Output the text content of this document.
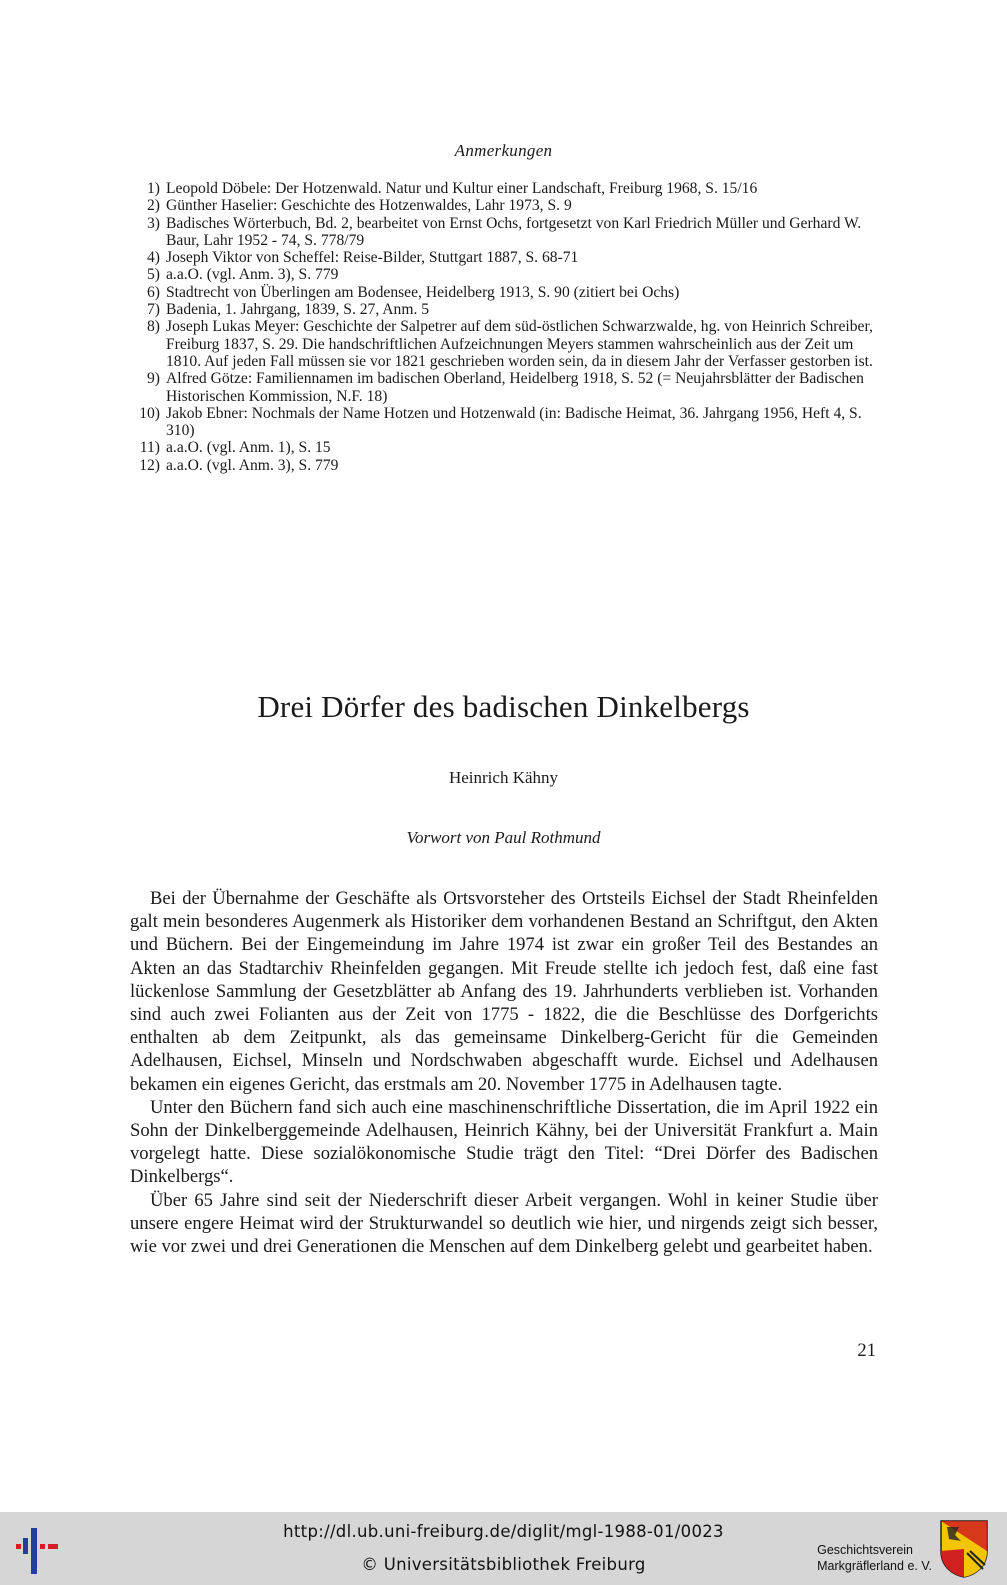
Anmerkungen
1) Leopold Döbele: Der Hotzenwald. Natur und Kultur einer Landschaft, Freiburg 1968, S. 15/16
2) Günther Haselier: Geschichte des Hotzenwaldes, Lahr 1973, S. 9
3) Badisches Wörterbuch, Bd. 2, bearbeitet von Ernst Ochs, fortgesetzt von Karl Friedrich Müller und Gerhard W. Baur, Lahr 1952 - 74, S. 778/79
4) Joseph Viktor von Scheffel: Reise-Bilder, Stuttgart 1887, S. 68-71
5) a.a.O. (vgl. Anm. 3), S. 779
6) Stadtrecht von Überlingen am Bodensee, Heidelberg 1913, S. 90 (zitiert bei Ochs)
7) Badenia, 1. Jahrgang, 1839, S. 27, Anm. 5
8) Joseph Lukas Meyer: Geschichte der Salpetrer auf dem süd-östlichen Schwarzwalde, hg. von Heinrich Schreiber, Freiburg 1837, S. 29. Die handschriftlichen Aufzeichnungen Meyers stammen wahrscheinlich aus der Zeit um 1810. Auf jeden Fall müssen sie vor 1821 geschrieben worden sein, da in diesem Jahr der Verfasser gestorben ist.
9) Alfred Götze: Familiennamen im badischen Oberland, Heidelberg 1918, S. 52 (= Neujahrsblätter der Badischen Historischen Kommission, N.F. 18)
10) Jakob Ebner: Nochmals der Name Hotzen und Hotzenwald (in: Badische Heimat, 36. Jahrgang 1956, Heft 4, S. 310)
11) a.a.O. (vgl. Anm. 1), S. 15
12) a.a.O. (vgl. Anm. 3), S. 779
Drei Dörfer des badischen Dinkelbergs
Heinrich Kähny
Vorwort von Paul Rothmund

Bei der Übernahme der Geschäfte als Ortsvorsteher des Ortsteils Eichsel der Stadt Rheinfelden galt mein besonderes Augenmerk als Historiker dem vorhandenen Bestand an Schriftgut, den Akten und Büchern. Bei der Eingemeindung im Jahre 1974 ist zwar ein großer Teil des Bestandes an Akten an das Stadtarchiv Rheinfelden gegangen. Mit Freude stellte ich jedoch fest, daß eine fast lückenlose Sammlung der Gesetzblätter ab Anfang des 19. Jahrhunderts verblieben ist. Vorhanden sind auch zwei Folianten aus der Zeit von 1775 - 1822, die die Beschlüsse des Dorfgerichts enthalten ab dem Zeitpunkt, als das gemeinsame Dinkelberg-Gericht für die Gemeinden Adelhausen, Eichsel, Minseln und Nordschwaben abgeschafft wurde. Eichsel und Adelhausen bekamen ein eigenes Gericht, das erstmals am 20. November 1775 in Adelhausen tagte.

Unter den Büchern fand sich auch eine maschinenschriftliche Dissertation, die im April 1922 ein Sohn der Dinkelberggemeinde Adelhausen, Heinrich Kähny, bei der Universität Frankfurt a. Main vorgelegt hatte. Diese sozialökonomische Studie trägt den Titel: “Drei Dörfer des Badischen Dinkelbergs“.

Über 65 Jahre sind seit der Niederschrift dieser Arbeit vergangen. Wohl in keiner Studie über unsere engere Heimat wird der Strukturwandel so deutlich wie hier, und nirgends zeigt sich besser, wie vor zwei und drei Generationen die Menschen auf dem Dinkelberg gelebt und gearbeitet haben.

21
http://dl.ub.uni-freiburg.de/diglit/mgl-1988-01/0023
© Universitätsbibliothek Freiburg
Geschichtsverein
Markgräflerland e. V.
